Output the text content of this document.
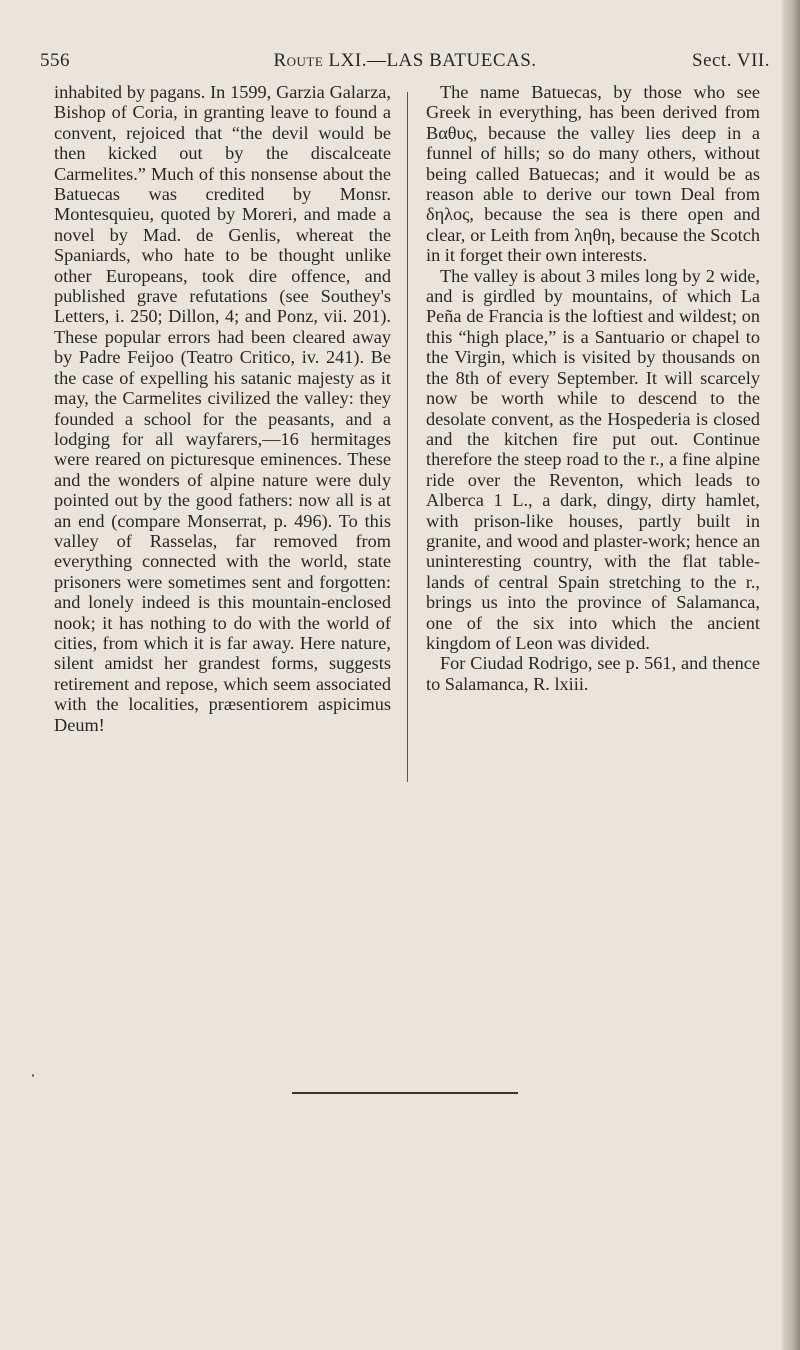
556	Route LXI.—LAS BATUECAS.	Sect. VII.

inhabited by pagans. In 1599, Garzia Galarza, Bishop of Coria, in granting leave to found a convent, rejoiced that “the devil would be then kicked out by the discalceate Carmelites.” Much of this nonsense about the Batuecas was credited by Monsr. Montesquieu, quoted by Moreri, and made a novel by Mad. de Genlis, whereat the Spaniards, who hate to be thought unlike other Europeans, took dire offence, and published grave refutations (see Southey's Letters, i. 250; Dillon, 4; and Ponz, vii. 201). These popular errors had been cleared away by Padre Feijoo (Teatro Critico, iv. 241). Be the case of expelling his satanic majesty as it may, the Carmelites civilized the valley: they founded a school for the peasants, and a lodging for all wayfarers,—16 hermitages were reared on picturesque eminences. These and the wonders of alpine nature were duly pointed out by the good fathers: now all is at an end (compare Monserrat, p. 496). To this valley of Rasselas, far removed from everything connected with the world, state prisoners were sometimes sent and forgotten: and lonely indeed is this mountain-enclosed nook; it has nothing to do with the world of cities, from which it is far away. Here nature, silent amidst her grandest forms, suggests retirement and repose, which seem associated with the localities, præsentiorem aspicimus Deum!

The name Batuecas, by those who see Greek in everything, has been derived from Βαθυς, because the valley lies deep in a funnel of hills; so do many others, without being called Batuecas; and it would be as reason able to derive our town Deal from δηλος, because the sea is there open and clear, or Leith from ληθη, because the Scotch in it forget their own interests.

The valley is about 3 miles long by 2 wide, and is girdled by mountains, of which La Peña de Francia is the loftiest and wildest; on this “high place,” is a Santuario or chapel to the Virgin, which is visited by thousands on the 8th of every September. It will scarcely now be worth while to descend to the desolate convent, as the Hospederia is closed and the kitchen fire put out. Continue therefore the steep road to the r., a fine alpine ride over the Reventon, which leads to Alberca 1 L., a dark, dingy, dirty hamlet, with prison-like houses, partly built in granite, and wood and plaster-work; hence an uninteresting country, with the flat table-lands of central Spain stretching to the r., brings us into the province of Salamanca, one of the six into which the ancient kingdom of Leon was divided.

For Ciudad Rodrigo, see p. 561, and thence to Salamanca, R. lxiii.
